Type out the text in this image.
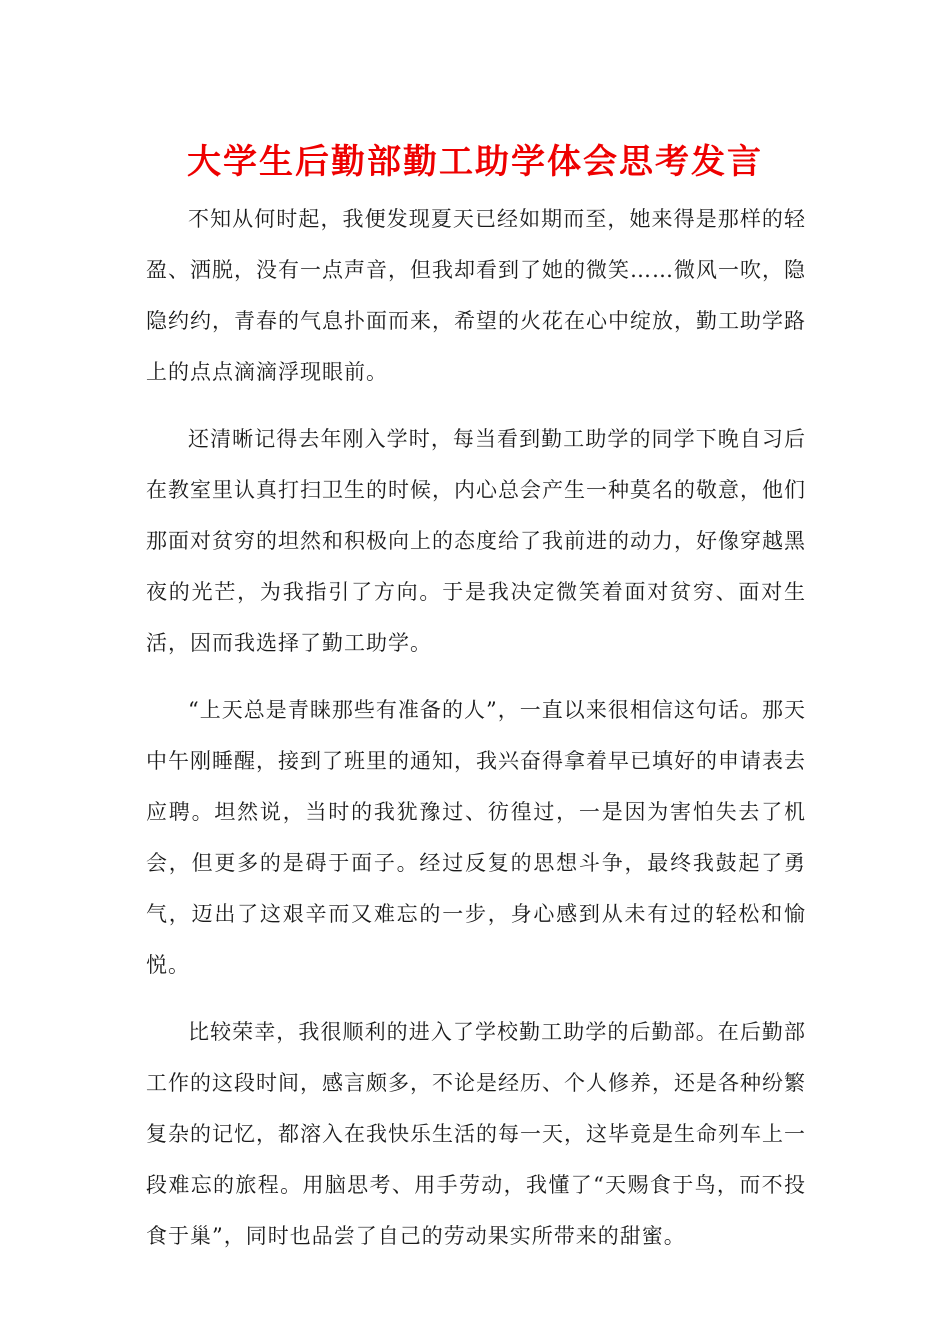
大学生后勤部勤工助学体会思考发言

不知从何时起，我便发现夏天已经如期而至，她来得是那样的轻盈、洒脱，没有一点声音，但我却看到了她的微笑……微风一吹，隐隐约约，青春的气息扑面而来，希望的火花在心中绽放，勤工助学路上的点点滴滴浮现眼前。

还清晰记得去年刚入学时，每当看到勤工助学的同学下晚自习后在教室里认真打扫卫生的时候，内心总会产生一种莫名的敬意，他们那面对贫穷的坦然和积极向上的态度给了我前进的动力，好像穿越黑夜的光芒，为我指引了方向。于是我决定微笑着面对贫穷、面对生活，因而我选择了勤工助学。

“上天总是青睐那些有准备的人”，一直以来很相信这句话。那天中午刚睡醒，接到了班里的通知，我兴奋得拿着早已填好的申请表去应聘。坦然说，当时的我犹豫过、彷徨过，一是因为害怕失去了机会，但更多的是碍于面子。经过反复的思想斗争，最终我鼓起了勇气，迈出了这艰辛而又难忘的一步，身心感到从未有过的轻松和愉悦。

比较荣幸，我很顺利的进入了学校勤工助学的后勤部。在后勤部工作的这段时间，感言颇多，不论是经历、个人修养，还是各种纷繁复杂的记忆，都溶入在我快乐生活的每一天，这毕竟是生命列车上一段难忘的旅程。用脑思考、用手劳动，我懂了“天赐食于鸟，而不投食于巢”，同时也品尝了自己的劳动果实所带来的甜蜜。
